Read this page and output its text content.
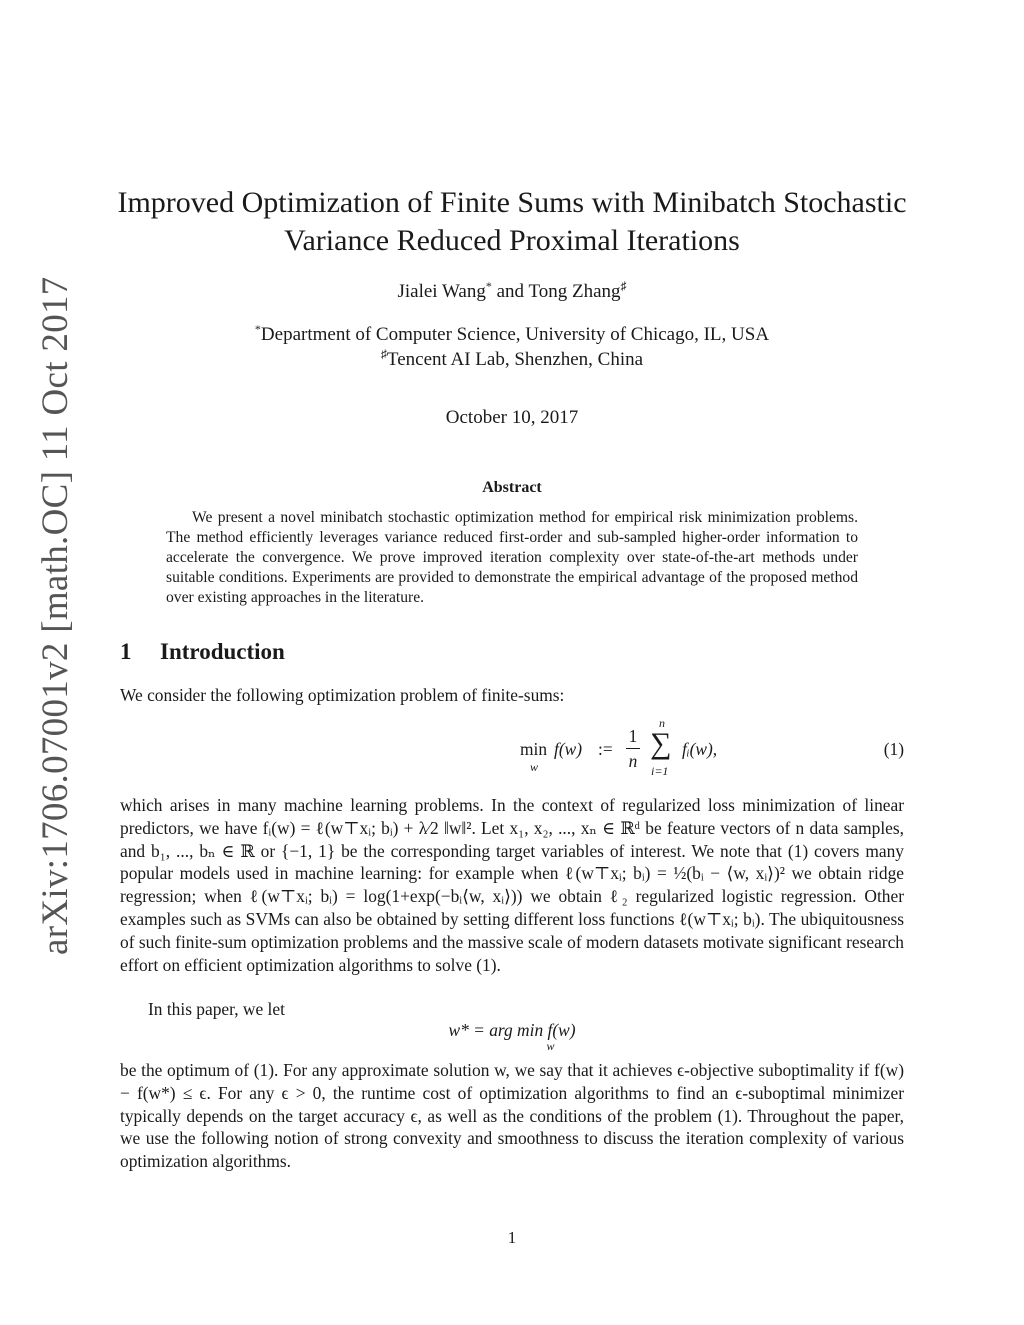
arXiv:1706.07001v2 [math.OC] 11 Oct 2017
Improved Optimization of Finite Sums with Minibatch Stochastic
Variance Reduced Proximal Iterations
Jialei Wang* and Tong Zhang♯
*Department of Computer Science, University of Chicago, IL, USA
♯Tencent AI Lab, Shenzhen, China
October 10, 2017
Abstract
We present a novel minibatch stochastic optimization method for empirical risk minimization problems. The method efficiently leverages variance reduced first-order and sub-sampled higher-order information to accelerate the convergence. We prove improved iteration complexity over state-of-the-art methods under suitable conditions. Experiments are provided to demonstrate the empirical advantage of the proposed method over existing approaches in the literature.
1 Introduction
We consider the following optimization problem of finite-sums:
min
w
f(w) :=
1
n
n
∑
i=1
fᵢ(w),	(1)
which arises in many machine learning problems. In the context of regularized loss minimization of linear predictors, we have fᵢ(w) = ℓ(w⊤xᵢ; bᵢ) + λ⁄2 ‖w‖². Let x₁, x₂, ..., xₙ ∈ ℝᵈ be feature vectors of n data samples, and b₁, ..., bₙ ∈ ℝ or {−1, 1} be the corresponding target variables of interest. We note that (1) covers many popular models used in machine learning: for example when ℓ(w⊤xᵢ; bᵢ) = ½(bᵢ − ⟨w, xᵢ⟩)² we obtain ridge regression; when ℓ(w⊤xᵢ; bᵢ) = log(1+exp(−bᵢ⟨w, xᵢ⟩)) we obtain ℓ₂ regularized logistic regression. Other examples such as SVMs can also be obtained by setting different loss functions ℓ(w⊤xᵢ; bᵢ). The ubiquitousness of such finite-sum optimization problems and the massive scale of modern datasets motivate significant research effort on efficient optimization algorithms to solve (1).
In this paper, we let
w* = arg min f(w)
w
be the optimum of (1). For any approximate solution w, we say that it achieves ϵ-objective suboptimality if f(w) − f(w*) ≤ ϵ. For any ϵ > 0, the runtime cost of optimization algorithms to find an ϵ-suboptimal minimizer typically depends on the target accuracy ϵ, as well as the conditions of the problem (1). Throughout the paper, we use the following notion of strong convexity and smoothness to discuss the iteration complexity of various optimization algorithms.
1
